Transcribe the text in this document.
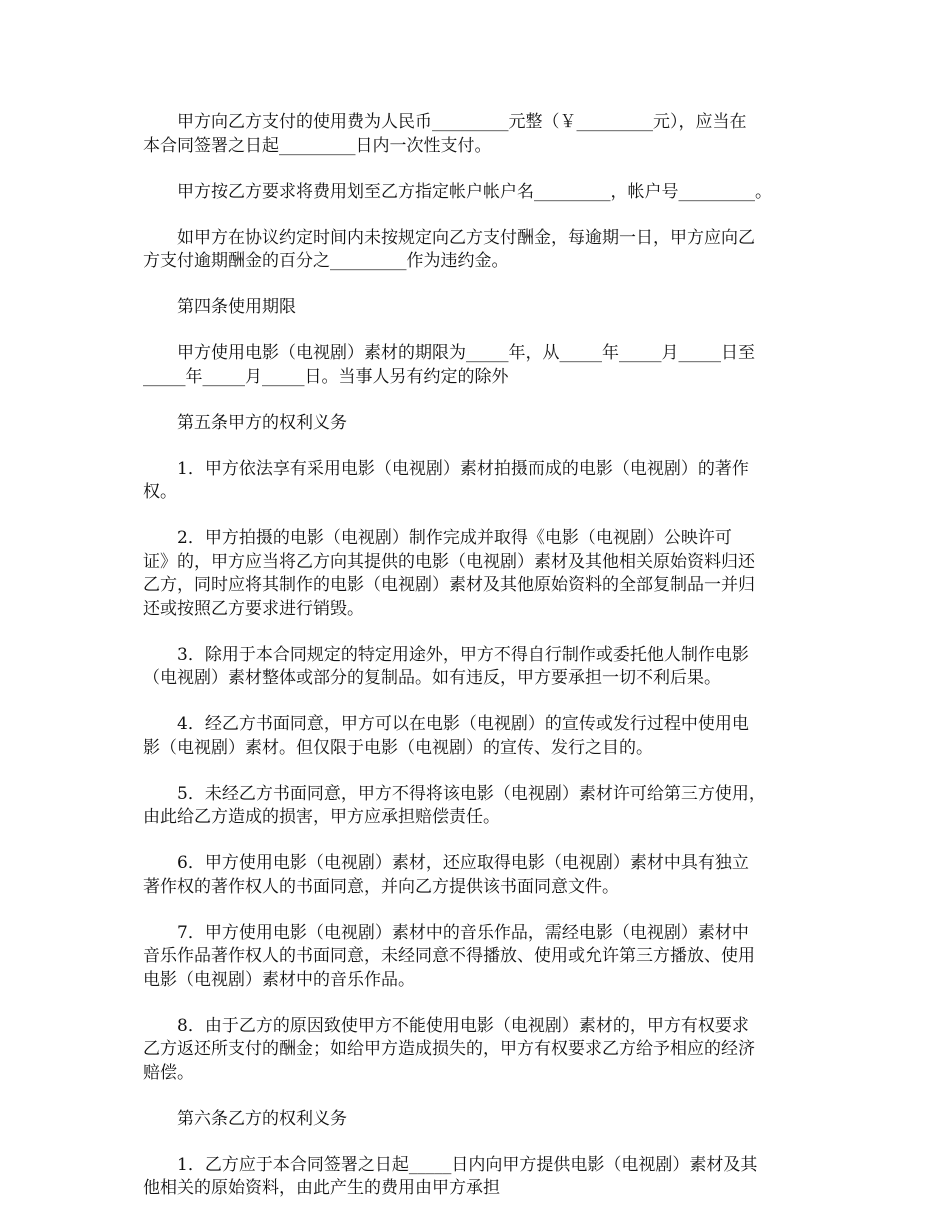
甲方向乙方支付的使用费为人民币_________元整（￥_________元），应当在
本合同签署之日起_________日内一次性支付。
甲方按乙方要求将费用划至乙方指定帐户帐户名_________，帐户号_________。
如甲方在协议约定时间内未按规定向乙方支付酬金，每逾期一日，甲方应向乙
方支付逾期酬金的百分之_________作为违约金。
第四条使用期限
甲方使用电影（电视剧）素材的期限为_____年，从_____年_____月_____日至
_____年_____月_____日。当事人另有约定的除外
第五条甲方的权利义务
1．甲方依法享有采用电影（电视剧）素材拍摄而成的电影（电视剧）的著作
权。
2．甲方拍摄的电影（电视剧）制作完成并取得《电影（电视剧）公映许可
证》的，甲方应当将乙方向其提供的电影（电视剧）素材及其他相关原始资料归还
乙方，同时应将其制作的电影（电视剧）素材及其他原始资料的全部复制品一并归
还或按照乙方要求进行销毁。
3．除用于本合同规定的特定用途外，甲方不得自行制作或委托他人制作电影
（电视剧）素材整体或部分的复制品。如有违反，甲方要承担一切不利后果。
4．经乙方书面同意，甲方可以在电影（电视剧）的宣传或发行过程中使用电
影（电视剧）素材。但仅限于电影（电视剧）的宣传、发行之目的。
5．未经乙方书面同意，甲方不得将该电影（电视剧）素材许可给第三方使用，
由此给乙方造成的损害，甲方应承担赔偿责任。
6．甲方使用电影（电视剧）素材，还应取得电影（电视剧）素材中具有独立
著作权的著作权人的书面同意，并向乙方提供该书面同意文件。
7．甲方使用电影（电视剧）素材中的音乐作品，需经电影（电视剧）素材中
音乐作品著作权人的书面同意，未经同意不得播放、使用或允许第三方播放、使用
电影（电视剧）素材中的音乐作品。
8．由于乙方的原因致使甲方不能使用电影（电视剧）素材的，甲方有权要求
乙方返还所支付的酬金；如给甲方造成损失的，甲方有权要求乙方给予相应的经济
赔偿。
第六条乙方的权利义务
1．乙方应于本合同签署之日起_____日内向甲方提供电影（电视剧）素材及其
他相关的原始资料，由此产生的费用由甲方承担
